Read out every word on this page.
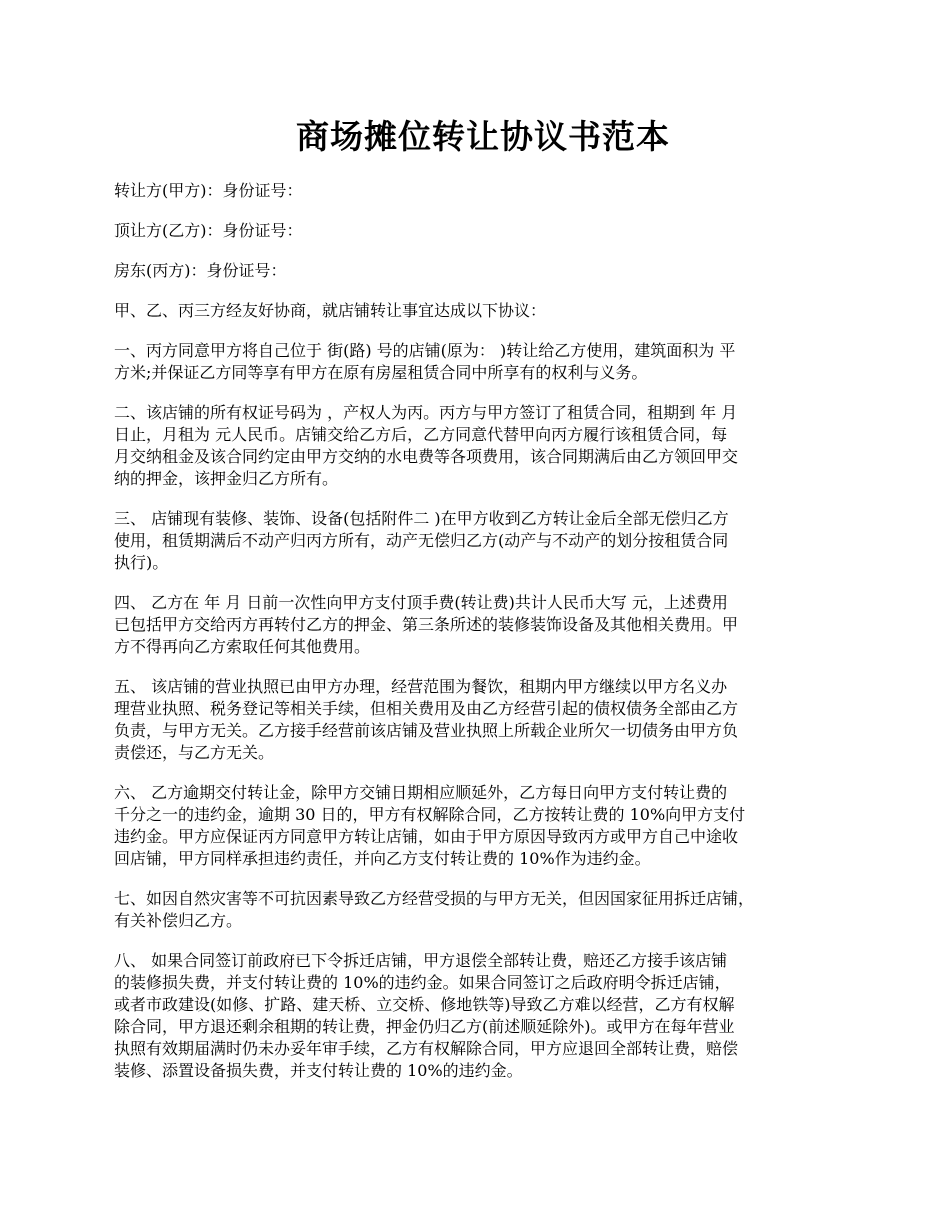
商场摊位转让协议书范本
转让方(甲方)：身份证号：
顶让方(乙方)：身份证号：
房东(丙方)：身份证号：
甲、乙、丙三方经友好协商，就店铺转让事宜达成以下协议：
一、丙方同意甲方将自己位于 街(路) 号的店铺(原为： )转让给乙方使用，建筑面积为 平
方米;并保证乙方同等享有甲方在原有房屋租赁合同中所享有的权利与义务。
二、该店铺的所有权证号码为 ，产权人为丙。丙方与甲方签订了租赁合同，租期到 年 月
日止，月租为 元人民币。店铺交给乙方后，乙方同意代替甲向丙方履行该租赁合同，每
月交纳租金及该合同约定由甲方交纳的水电费等各项费用，该合同期满后由乙方领回甲交
纳的押金，该押金归乙方所有。
三、 店铺现有装修、装饰、设备(包括附件二 )在甲方收到乙方转让金后全部无偿归乙方
使用，租赁期满后不动产归丙方所有，动产无偿归乙方(动产与不动产的划分按租赁合同
执行)。
四、 乙方在 年 月 日前一次性向甲方支付顶手费(转让费)共计人民币大写 元，上述费用
已包括甲方交给丙方再转付乙方的押金、第三条所述的装修装饰设备及其他相关费用。甲
方不得再向乙方索取任何其他费用。
五、 该店铺的营业执照已由甲方办理，经营范围为餐饮，租期内甲方继续以甲方名义办
理营业执照、税务登记等相关手续，但相关费用及由乙方经营引起的债权债务全部由乙方
负责，与甲方无关。乙方接手经营前该店铺及营业执照上所载企业所欠一切债务由甲方负
责偿还，与乙方无关。
六、 乙方逾期交付转让金，除甲方交铺日期相应顺延外，乙方每日向甲方支付转让费的
千分之一的违约金，逾期 30 日的，甲方有权解除合同，乙方按转让费的 10%向甲方支付
违约金。甲方应保证丙方同意甲方转让店铺，如由于甲方原因导致丙方或甲方自己中途收
回店铺，甲方同样承担违约责任，并向乙方支付转让费的 10%作为违约金。
七、如因自然灾害等不可抗因素导致乙方经营受损的与甲方无关，但因国家征用拆迁店铺，
有关补偿归乙方。
八、 如果合同签订前政府已下令拆迁店铺，甲方退偿全部转让费，赔还乙方接手该店铺
的装修损失费，并支付转让费的 10%的违约金。如果合同签订之后政府明令拆迁店铺，
或者市政建设(如修、扩路、建天桥、立交桥、修地铁等)导致乙方难以经营，乙方有权解
除合同，甲方退还剩余租期的转让费，押金仍归乙方(前述顺延除外)。或甲方在每年营业
执照有效期届满时仍未办妥年审手续，乙方有权解除合同，甲方应退回全部转让费，赔偿
装修、添置设备损失费，并支付转让费的 10%的违约金。
